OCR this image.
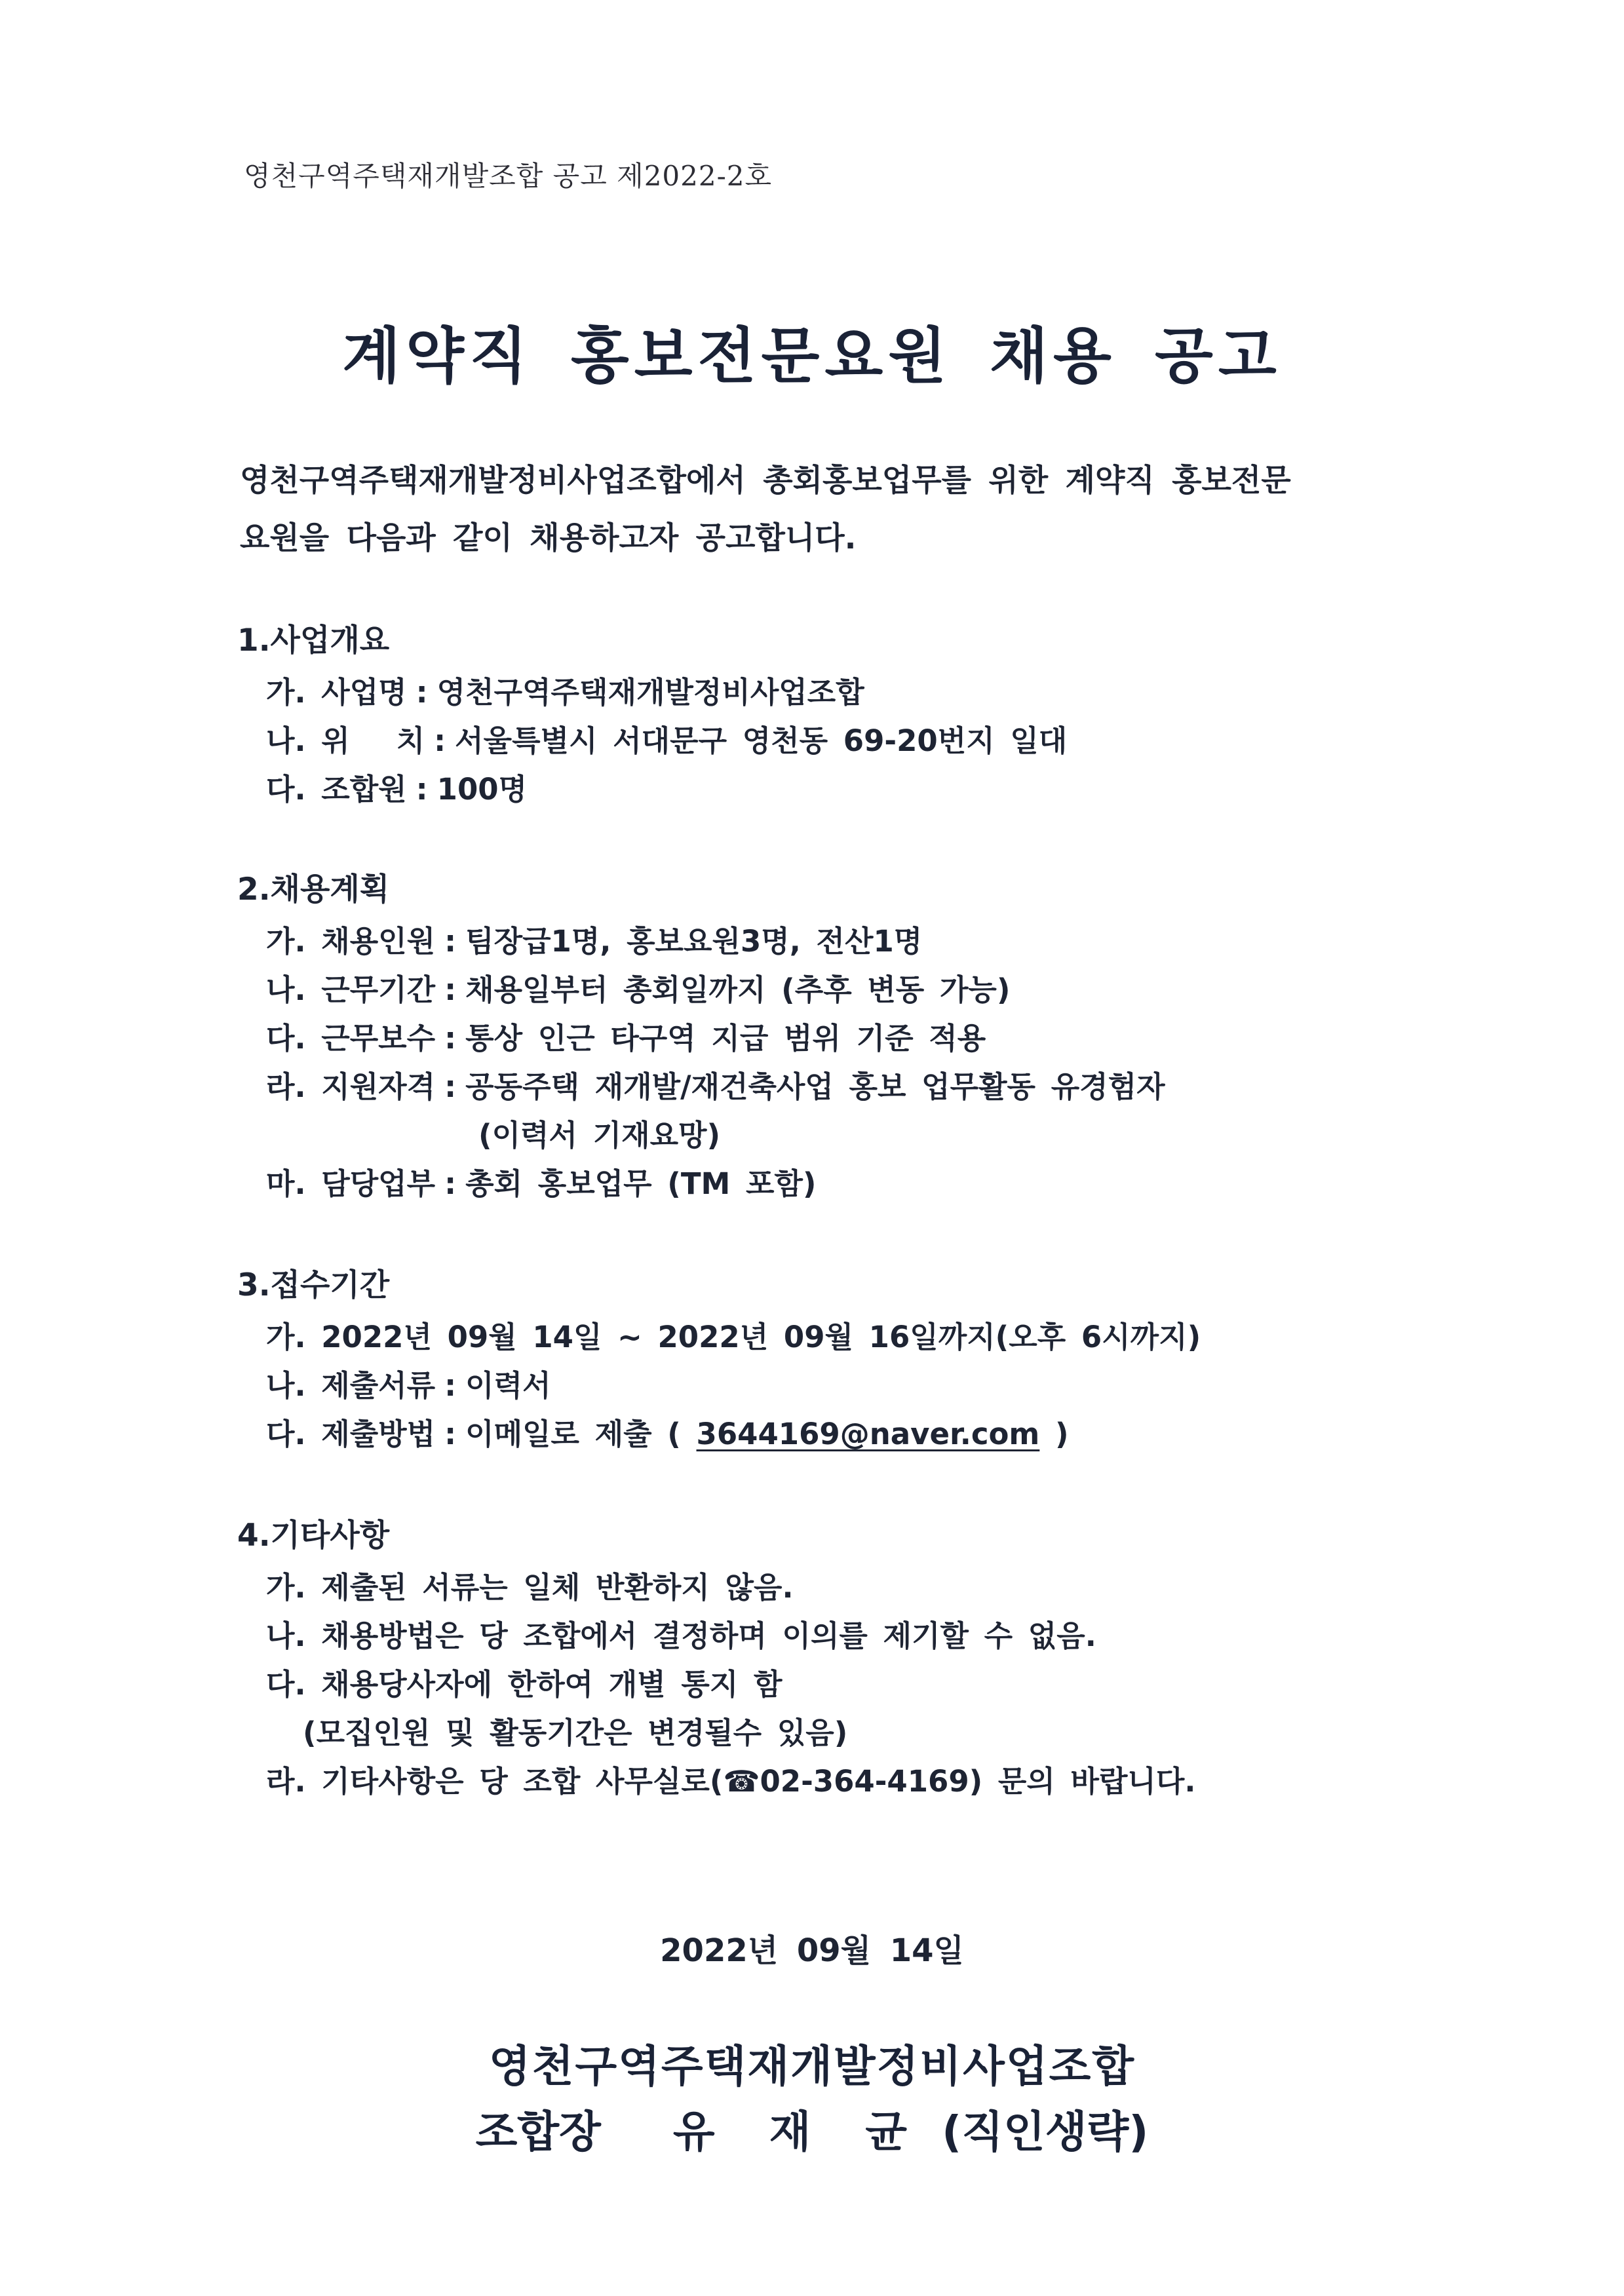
영천구역주택재개발조합 공고 제2022-2호
계약직 홍보전문요원 채용 공고
영천구역주택재개발정비사업조합에서 총회홍보업무를 위한 계약직 홍보전문
요원을 다음과 같이 채용하고자 공고합니다.
1.사업개요
가. 사업명 : 영천구역주택재개발정비사업조합
나. 위   치 : 서울특별시 서대문구 영천동 69-20번지 일대
다. 조합원 : 100명
2.채용계획
가. 채용인원 : 팀장급1명, 홍보요원3명, 전산1명
나. 근무기간 : 채용일부터 총회일까지 (추후 변동 가능)
다. 근무보수 : 통상 인근 타구역 지급 범위 기준 적용
라. 지원자격 : 공동주택 재개발/재건축사업 홍보 업무활동 유경험자
(이력서 기재요망)
마. 담당업부 : 총회 홍보업무 (TM 포함)
3.접수기간
가. 2022년 09월 14일 ~ 2022년 09월 16일까지(오후 6시까지)
나. 제출서류 : 이력서
다. 제출방법 : 이메일로 제출 ( 3644169@naver.com )
4.기타사항
가. 제출된 서류는 일체 반환하지 않음.
나. 채용방법은 당 조합에서 결정하며 이의를 제기할 수 없음.
다. 채용당사자에 한하여 개별 통지 함
(모집인원 및 활동기간은 변경될수 있음)
라. 기타사항은 당 조합 사무실로(☎02-364-4169) 문의 바랍니다.
2022년 09월 14일
영천구역주택재개발정비사업조합
조합장 유 재 균 (직인생략)
